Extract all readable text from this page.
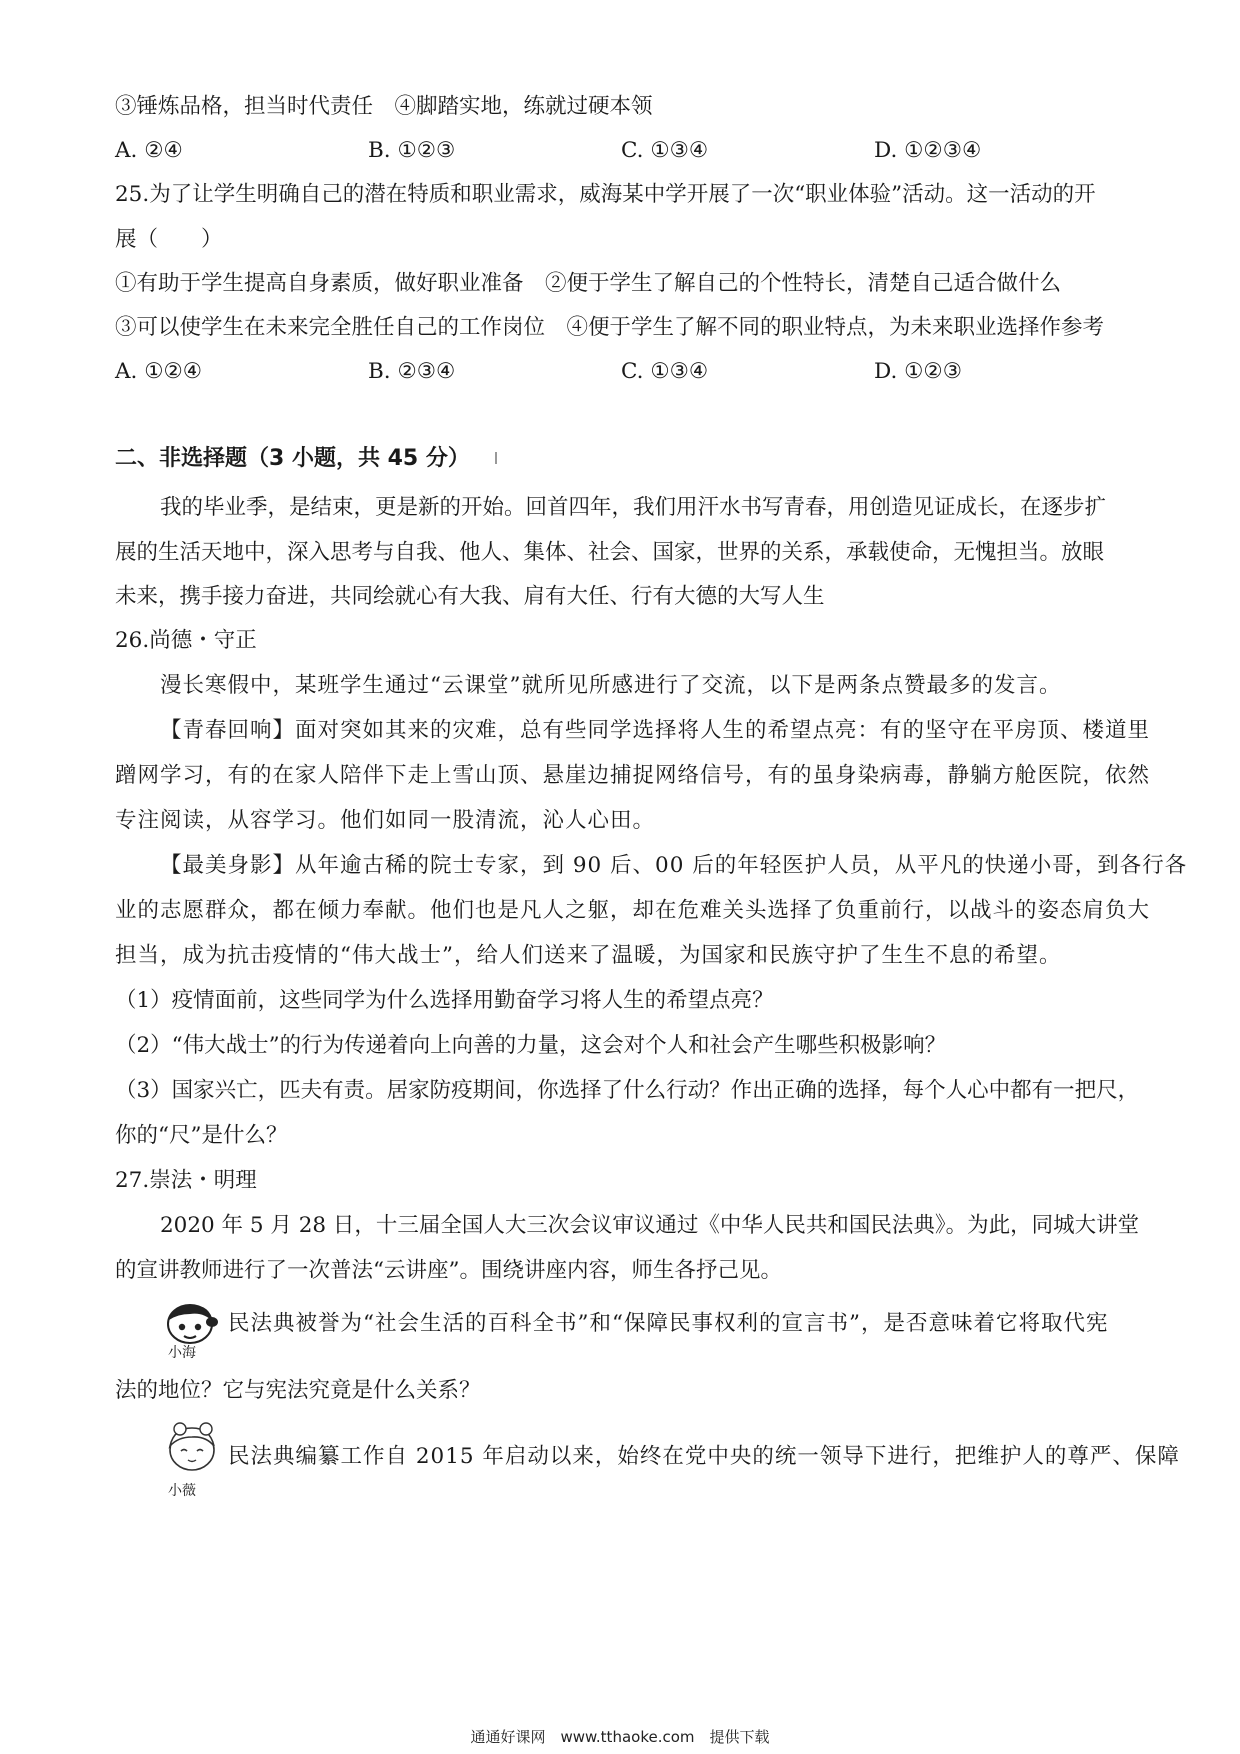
③锤炼品格，担当时代责任　④脚踏实地，练就过硬本领
A. ②④	B. ①②③	C. ①③④	D. ①②③④
25.为了让学生明确自己的潜在特质和职业需求，威海某中学开展了一次“职业体验”活动。这一活动的开
展（　　）
①有助于学生提高自身素质，做好职业准备　②便于学生了解自己的个性特长，清楚自己适合做什么
③可以使学生在未来完全胜任自己的工作岗位　④便于学生了解不同的职业特点，为未来职业选择作参考
A. ①②④	B. ②③④	C. ①③④	D. ①②③
二、非选择题（3 小题，共 45 分）
我的毕业季，是结束，更是新的开始。回首四年，我们用汗水书写青春，用创造见证成长，在逐步扩
展的生活天地中，深入思考与自我、他人、集体、社会、国家，世界的关系，承载使命，无愧担当。放眼
未来，携手接力奋进，共同绘就心有大我、肩有大任、行有大德的大写人生
26.尚德・守正
漫长寒假中，某班学生通过“云课堂”就所见所感进行了交流，以下是两条点赞最多的发言。
【青春回响】面对突如其来的灾难，总有些同学选择将人生的希望点亮：有的坚守在平房顶、楼道里
蹭网学习，有的在家人陪伴下走上雪山顶、悬崖边捕捉网络信号，有的虽身染病毒，静躺方舱医院，依然
专注阅读，从容学习。他们如同一股清流，沁人心田。
【最美身影】从年逾古稀的院士专家，到 90 后、00 后的年轻医护人员，从平凡的快递小哥，到各行各
业的志愿群众，都在倾力奉献。他们也是凡人之躯，却在危难关头选择了负重前行，以战斗的姿态肩负大
担当，成为抗击疫情的“伟大战士”，给人们送来了温暖，为国家和民族守护了生生不息的希望。
（1）疫情面前，这些同学为什么选择用勤奋学习将人生的希望点亮？
（2）“伟大战士”的行为传递着向上向善的力量，这会对个人和社会产生哪些积极影响？
（3）国家兴亡，匹夫有责。居家防疫期间，你选择了什么行动？作出正确的选择，每个人心中都有一把尺，
你的“尺”是什么？
27.崇法・明理
2020 年 5 月 28 日，十三届全国人大三次会议审议通过《中华人民共和国民法典》。为此，同城大讲堂
的宣讲教师进行了一次普法“云讲座”。围绕讲座内容，师生各抒己见。
小海
民法典被誉为“社会生活的百科全书”和“保障民事权利的宣言书”，是否意味着它将取代宪
法的地位？它与宪法究竟是什么关系？
小薇
民法典编纂工作自 2015 年启动以来，始终在党中央的统一领导下进行，把维护人的尊严、保障
通通好课网　www.tthaoke.com　提供下载
